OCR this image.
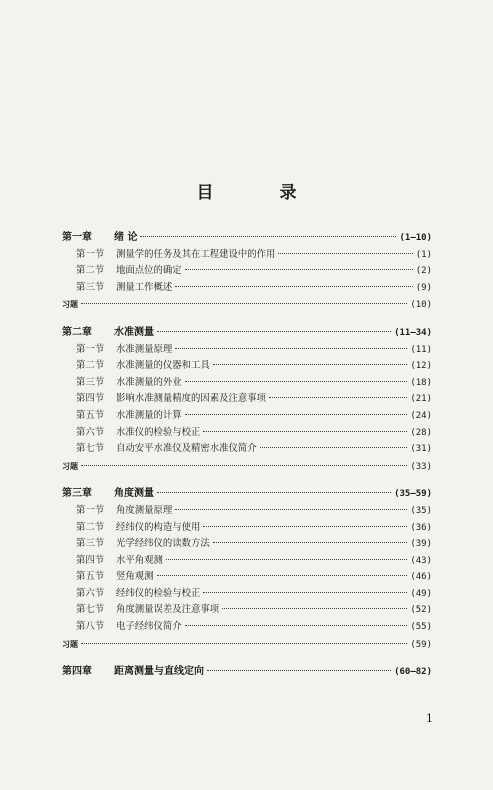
目 录
第一章 绪 论	(1—10)
第一节 测量学的任务及其在工程建设中的作用	(1)
第二节 地面点位的确定	(2)
第三节 测量工作概述	(9)
习题	(10)
第二章 水准测量	(11—34)
第一节 水准测量原理	(11)
第二节 水准测量的仪器和工具	(12)
第三节 水准测量的外业	(18)
第四节 影响水准测量精度的因素及注意事项	(21)
第五节 水准测量的计算	(24)
第六节 水准仪的检验与校正	(28)
第七节 自动安平水准仪及精密水准仪简介	(31)
习题	(33)
第三章 角度测量	(35—59)
第一节 角度测量原理	(35)
第二节 经纬仪的构造与使用	(36)
第三节 光学经纬仪的读数方法	(39)
第四节 水平角观测	(43)
第五节 竖角观测	(46)
第六节 经纬仪的检验与校正	(49)
第七节 角度测量误差及注意事项	(52)
第八节 电子经纬仪简介	(55)
习题	(59)
第四章 距离测量与直线定向	(60—82)
1
